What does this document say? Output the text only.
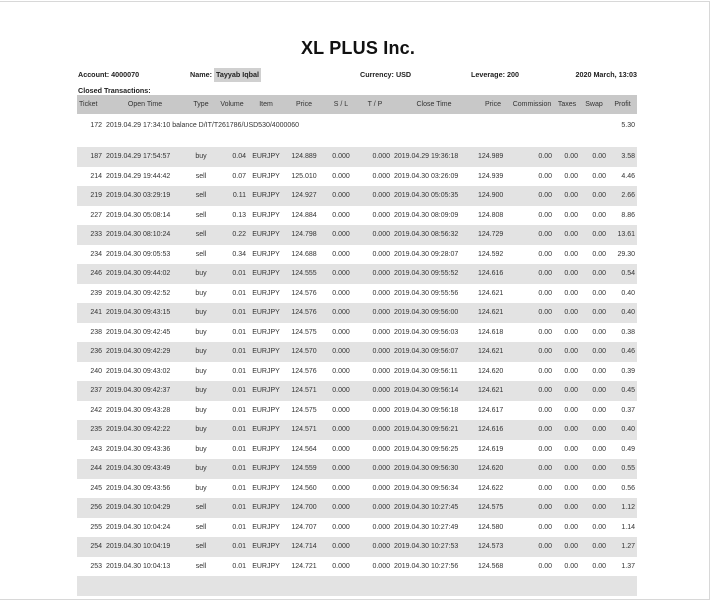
XL PLUS Inc.
Account: 4000070	Name: Tayyab Iqbal	Currency: USD	Leverage: 200	2020 March, 13:03
Closed Transactions:
Ticket	Open Time	Type	Volume	Item	Price	S / L	T / P	Close Time	Price	Commission	Taxes	Swap	Profit
172	2019.04.29 17:34:10 balance D/IT/T261786/USD530/4000060												5.30

187	2019.04.29 17:54:57	buy	0.04	EURJPY	124.889	0.000	0.000	2019.04.29 19:36:18	124.989	0.00	0.00	0.00	3.58
214	2019.04.29 19:44:42	sell	0.07	EURJPY	125.010	0.000	0.000	2019.04.30 03:26:09	124.939	0.00	0.00	0.00	4.46
219	2019.04.30 03:29:19	sell	0.11	EURJPY	124.927	0.000	0.000	2019.04.30 05:05:35	124.900	0.00	0.00	0.00	2.66
227	2019.04.30 05:08:14	sell	0.13	EURJPY	124.884	0.000	0.000	2019.04.30 08:09:09	124.808	0.00	0.00	0.00	8.86
233	2019.04.30 08:10:24	sell	0.22	EURJPY	124.798	0.000	0.000	2019.04.30 08:56:32	124.729	0.00	0.00	0.00	13.61
234	2019.04.30 09:05:53	sell	0.34	EURJPY	124.688	0.000	0.000	2019.04.30 09:28:07	124.592	0.00	0.00	0.00	29.30
246	2019.04.30 09:44:02	buy	0.01	EURJPY	124.555	0.000	0.000	2019.04.30 09:55:52	124.616	0.00	0.00	0.00	0.54
239	2019.04.30 09:42:52	buy	0.01	EURJPY	124.576	0.000	0.000	2019.04.30 09:55:56	124.621	0.00	0.00	0.00	0.40
241	2019.04.30 09:43:15	buy	0.01	EURJPY	124.576	0.000	0.000	2019.04.30 09:56:00	124.621	0.00	0.00	0.00	0.40
238	2019.04.30 09:42:45	buy	0.01	EURJPY	124.575	0.000	0.000	2019.04.30 09:56:03	124.618	0.00	0.00	0.00	0.38
236	2019.04.30 09:42:29	buy	0.01	EURJPY	124.570	0.000	0.000	2019.04.30 09:56:07	124.621	0.00	0.00	0.00	0.46
240	2019.04.30 09:43:02	buy	0.01	EURJPY	124.576	0.000	0.000	2019.04.30 09:56:11	124.620	0.00	0.00	0.00	0.39
237	2019.04.30 09:42:37	buy	0.01	EURJPY	124.571	0.000	0.000	2019.04.30 09:56:14	124.621	0.00	0.00	0.00	0.45
242	2019.04.30 09:43:28	buy	0.01	EURJPY	124.575	0.000	0.000	2019.04.30 09:56:18	124.617	0.00	0.00	0.00	0.37
235	2019.04.30 09:42:22	buy	0.01	EURJPY	124.571	0.000	0.000	2019.04.30 09:56:21	124.616	0.00	0.00	0.00	0.40
243	2019.04.30 09:43:36	buy	0.01	EURJPY	124.564	0.000	0.000	2019.04.30 09:56:25	124.619	0.00	0.00	0.00	0.49
244	2019.04.30 09:43:49	buy	0.01	EURJPY	124.559	0.000	0.000	2019.04.30 09:56:30	124.620	0.00	0.00	0.00	0.55
245	2019.04.30 09:43:56	buy	0.01	EURJPY	124.560	0.000	0.000	2019.04.30 09:56:34	124.622	0.00	0.00	0.00	0.56
256	2019.04.30 10:04:29	sell	0.01	EURJPY	124.700	0.000	0.000	2019.04.30 10:27:45	124.575	0.00	0.00	0.00	1.12
255	2019.04.30 10:04:24	sell	0.01	EURJPY	124.707	0.000	0.000	2019.04.30 10:27:49	124.580	0.00	0.00	0.00	1.14
254	2019.04.30 10:04:19	sell	0.01	EURJPY	124.714	0.000	0.000	2019.04.30 10:27:53	124.573	0.00	0.00	0.00	1.27
253	2019.04.30 10:04:13	sell	0.01	EURJPY	124.721	0.000	0.000	2019.04.30 10:27:56	124.568	0.00	0.00	0.00	1.37
